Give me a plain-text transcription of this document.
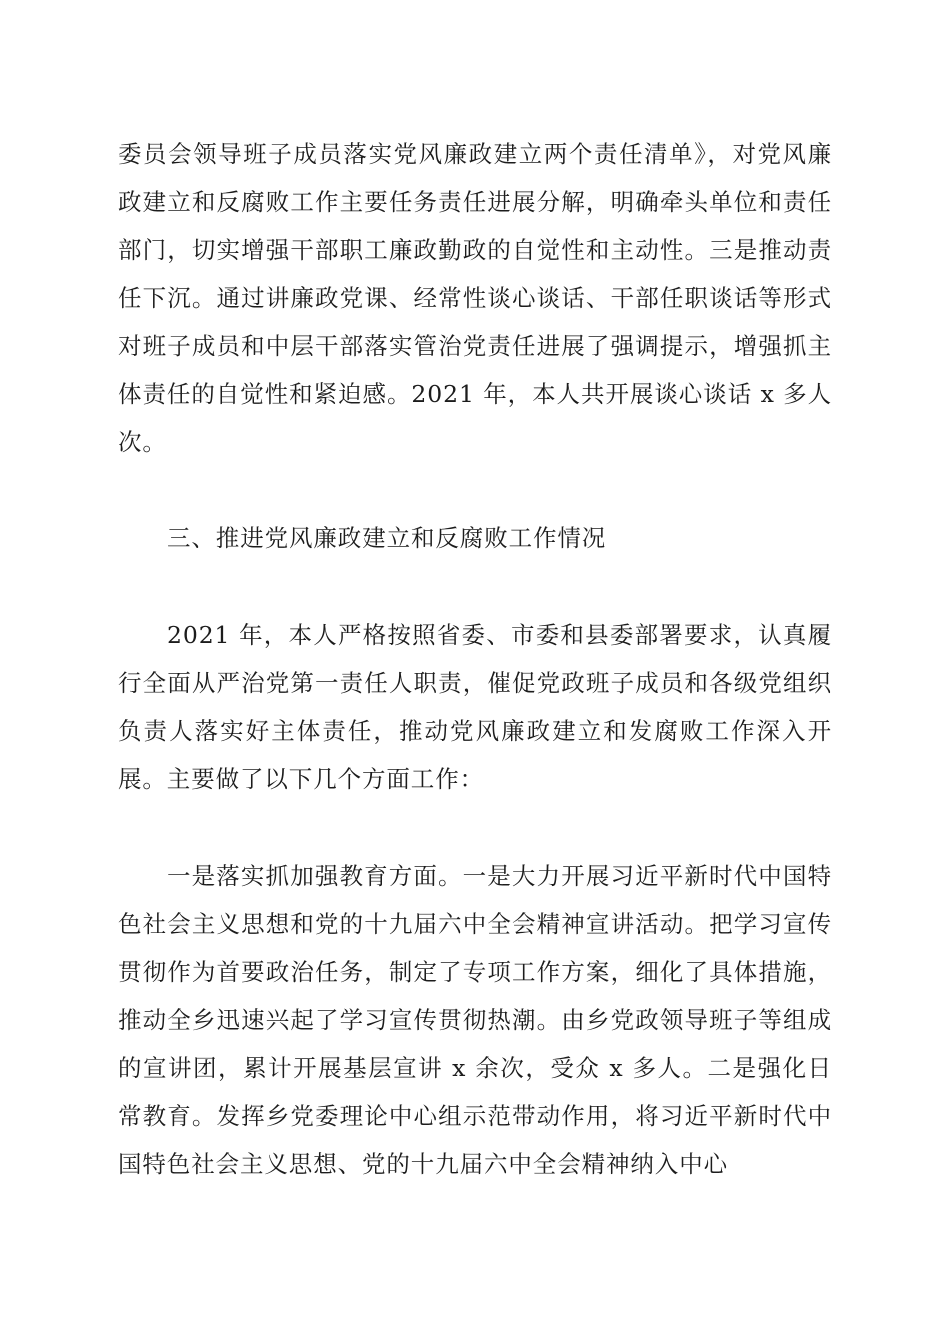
委员会领导班子成员落实党风廉政建立两个责任清单》，对党风廉政建立和反腐败工作主要任务责任进展分解，明确牵头单位和责任部门，切实增强干部职工廉政勤政的自觉性和主动性。三是推动责任下沉。通过讲廉政党课、经常性谈心谈话、干部任职谈话等形式对班子成员和中层干部落实管治党责任进展了强调提示，增强抓主体责任的自觉性和紧迫感。2021 年，本人共开展谈心谈话 x 多人次。

三、推进党风廉政建立和反腐败工作情况

2021 年，本人严格按照省委、市委和县委部署要求，认真履行全面从严治党第一责任人职责，催促党政班子成员和各级党组织负责人落实好主体责任，推动党风廉政建立和发腐败工作深入开展。主要做了以下几个方面工作：

一是落实抓加强教育方面。一是大力开展习近平新时代中国特色社会主义思想和党的十九届六中全会精神宣讲活动。把学习宣传贯彻作为首要政治任务，制定了专项工作方案，细化了具体措施，推动全乡迅速兴起了学习宣传贯彻热潮。由乡党政领导班子等组成的宣讲团，累计开展基层宣讲 x 余次，受众 x 多人。二是强化日常教育。发挥乡党委理论中心组示范带动作用，将习近平新时代中国特色社会主义思想、党的十九届六中全会精神纳入中心
